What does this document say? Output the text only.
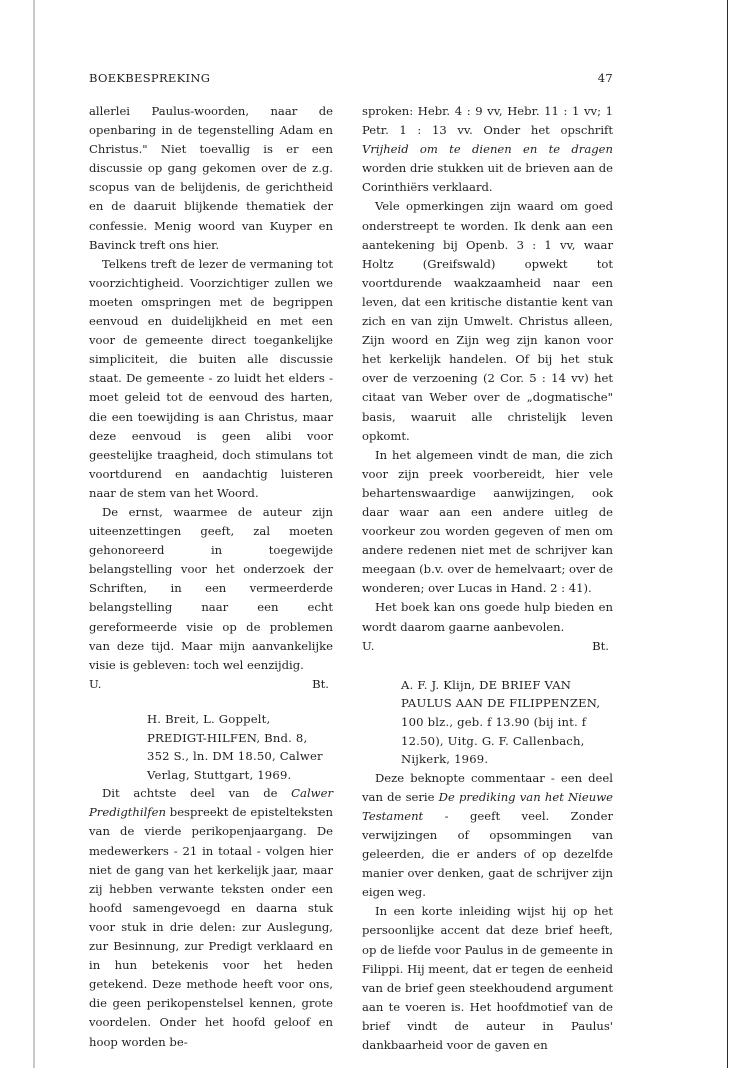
BOEKBESPREKING	47

allerlei Paulus-woorden, naar de openbaring in de tegenstelling Adam en Christus." Niet toevallig is er een discussie op gang gekomen over de z.g. scopus van de belijdenis, de gerichtheid en de daaruit blijkende thematiek der confessie. Menig woord van Kuyper en Bavinck treft ons hier.

Telkens treft de lezer de vermaning tot voorzichtigheid. Voorzichtiger zullen we moeten omspringen met de begrippen eenvoud en duidelijkheid en met een voor de gemeente direct toegankelijke simpliciteit, die buiten alle discussie staat. De gemeente - zo luidt het elders - moet geleid tot de eenvoud des harten, die een toewijding is aan Christus, maar deze eenvoud is geen alibi voor geestelijke traagheid, doch stimulans tot voortdurend en aandachtig luisteren naar de stem van het Woord.

De ernst, waarmee de auteur zijn uiteenzettingen geeft, zal moeten gehonoreerd in toegewijde belangstelling voor het onderzoek der Schriften, in een vermeerderde belangstelling naar een echt gereformeerde visie op de problemen van deze tijd. Maar mijn aanvankelijke visie is gebleven: toch wel eenzijdig.

U.	Bt.

H. Breit, L. Goppelt, PREDIGT-HILFEN, Bnd. 8, 352 S., ln. DM 18.50, Calwer Verlag, Stuttgart, 1969.

Dit achtste deel van de Calwer Predigthilfen bespreekt de epistelteksten van de vierde perikopenjaargang. De medewerkers - 21 in totaal - volgen hier niet de gang van het kerkelijk jaar, maar zij hebben verwante teksten onder een hoofd samengevoegd en daarna stuk voor stuk in drie delen: zur Auslegung, zur Besinnung, zur Predigt verklaard en in hun betekenis voor het heden getekend. Deze methode heeft voor ons, die geen perikopenstelsel kennen, grote voordelen. Onder het hoofd geloof en hoop worden be-

sproken: Hebr. 4 : 9 vv, Hebr. 11 : 1 vv; 1 Petr. 1 : 13 vv. Onder het opschrift Vrijheid om te dienen en te dragen worden drie stukken uit de brieven aan de Corinthiërs verklaard.

Vele opmerkingen zijn waard om goed onderstreept te worden. Ik denk aan een aantekening bij Openb. 3 : 1 vv, waar Holtz (Greifswald) opwekt tot voortdurende waakzaamheid naar een leven, dat een kritische distantie kent van zich en van zijn Umwelt. Christus alleen, Zijn woord en Zijn weg zijn kanon voor het kerkelijk handelen. Of bij het stuk over de verzoening (2 Cor. 5 : 14 vv) het citaat van Weber over de „dogmatische" basis, waaruit alle christelijk leven opkomt.

In het algemeen vindt de man, die zich voor zijn preek voorbereidt, hier vele behartenswaardige aanwijzingen, ook daar waar aan een andere uitleg de voorkeur zou worden gegeven of men om andere redenen niet met de schrijver kan meegaan (b.v. over de hemelvaart; over de wonderen; over Lucas in Hand. 2 : 41).

Het boek kan ons goede hulp bieden en wordt daarom gaarne aanbevolen.

U.	Bt.

A. F. J. Klijn, DE BRIEF VAN PAULUS AAN DE FILIPPENZEN, 100 blz., geb. f 13.90 (bij int. f 12.50), Uitg. G. F. Callenbach, Nijkerk, 1969.

Deze beknopte commentaar - een deel van de serie De prediking van het Nieuwe Testament - geeft veel. Zonder verwijzingen of opsommingen van geleerden, die er anders of op dezelfde manier over denken, gaat de schrijver zijn eigen weg.

In een korte inleiding wijst hij op het persoonlijke accent dat deze brief heeft, op de liefde voor Paulus in de gemeente in Filippi. Hij meent, dat er tegen de eenheid van de brief geen steekhoudend argument aan te voeren is. Het hoofdmotief van de brief vindt de auteur in Paulus' dankbaarheid voor de gaven en
